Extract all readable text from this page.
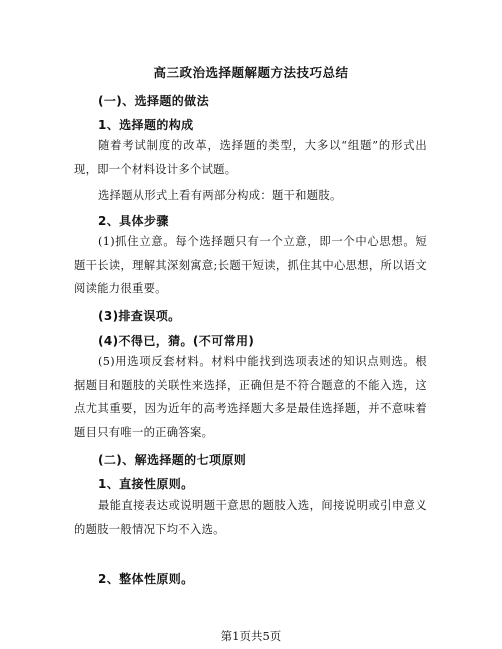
高三政治选择题解题方法技巧总结
(一)、选择题的做法
1、选择题的构成
随着考试制度的改革，选择题的类型，大多以“组题”的形式出现，即一个材料设计多个试题。
选择题从形式上看有两部分构成：题干和题肢。
2、具体步骤
(1)抓住立意。每个选择题只有一个立意，即一个中心思想。短题干长读，理解其深刻寓意;长题干短读，抓住其中心思想，所以语文阅读能力很重要。
(3)排查误项。
(4)不得已，猜。(不可常用)
(5)用选项反套材料。材料中能找到选项表述的知识点则选。根据题目和题肢的关联性来选择，正确但是不符合题意的不能入选，这点尤其重要，因为近年的高考选择题大多是最佳选择题，并不意味着题目只有唯一的正确答案。
(二)、解选择题的七项原则
1、直接性原则。
最能直接表达或说明题干意思的题肢入选，间接说明或引申意义的题肢一般情况下均不入选。
2、整体性原则。
第1页共5页
